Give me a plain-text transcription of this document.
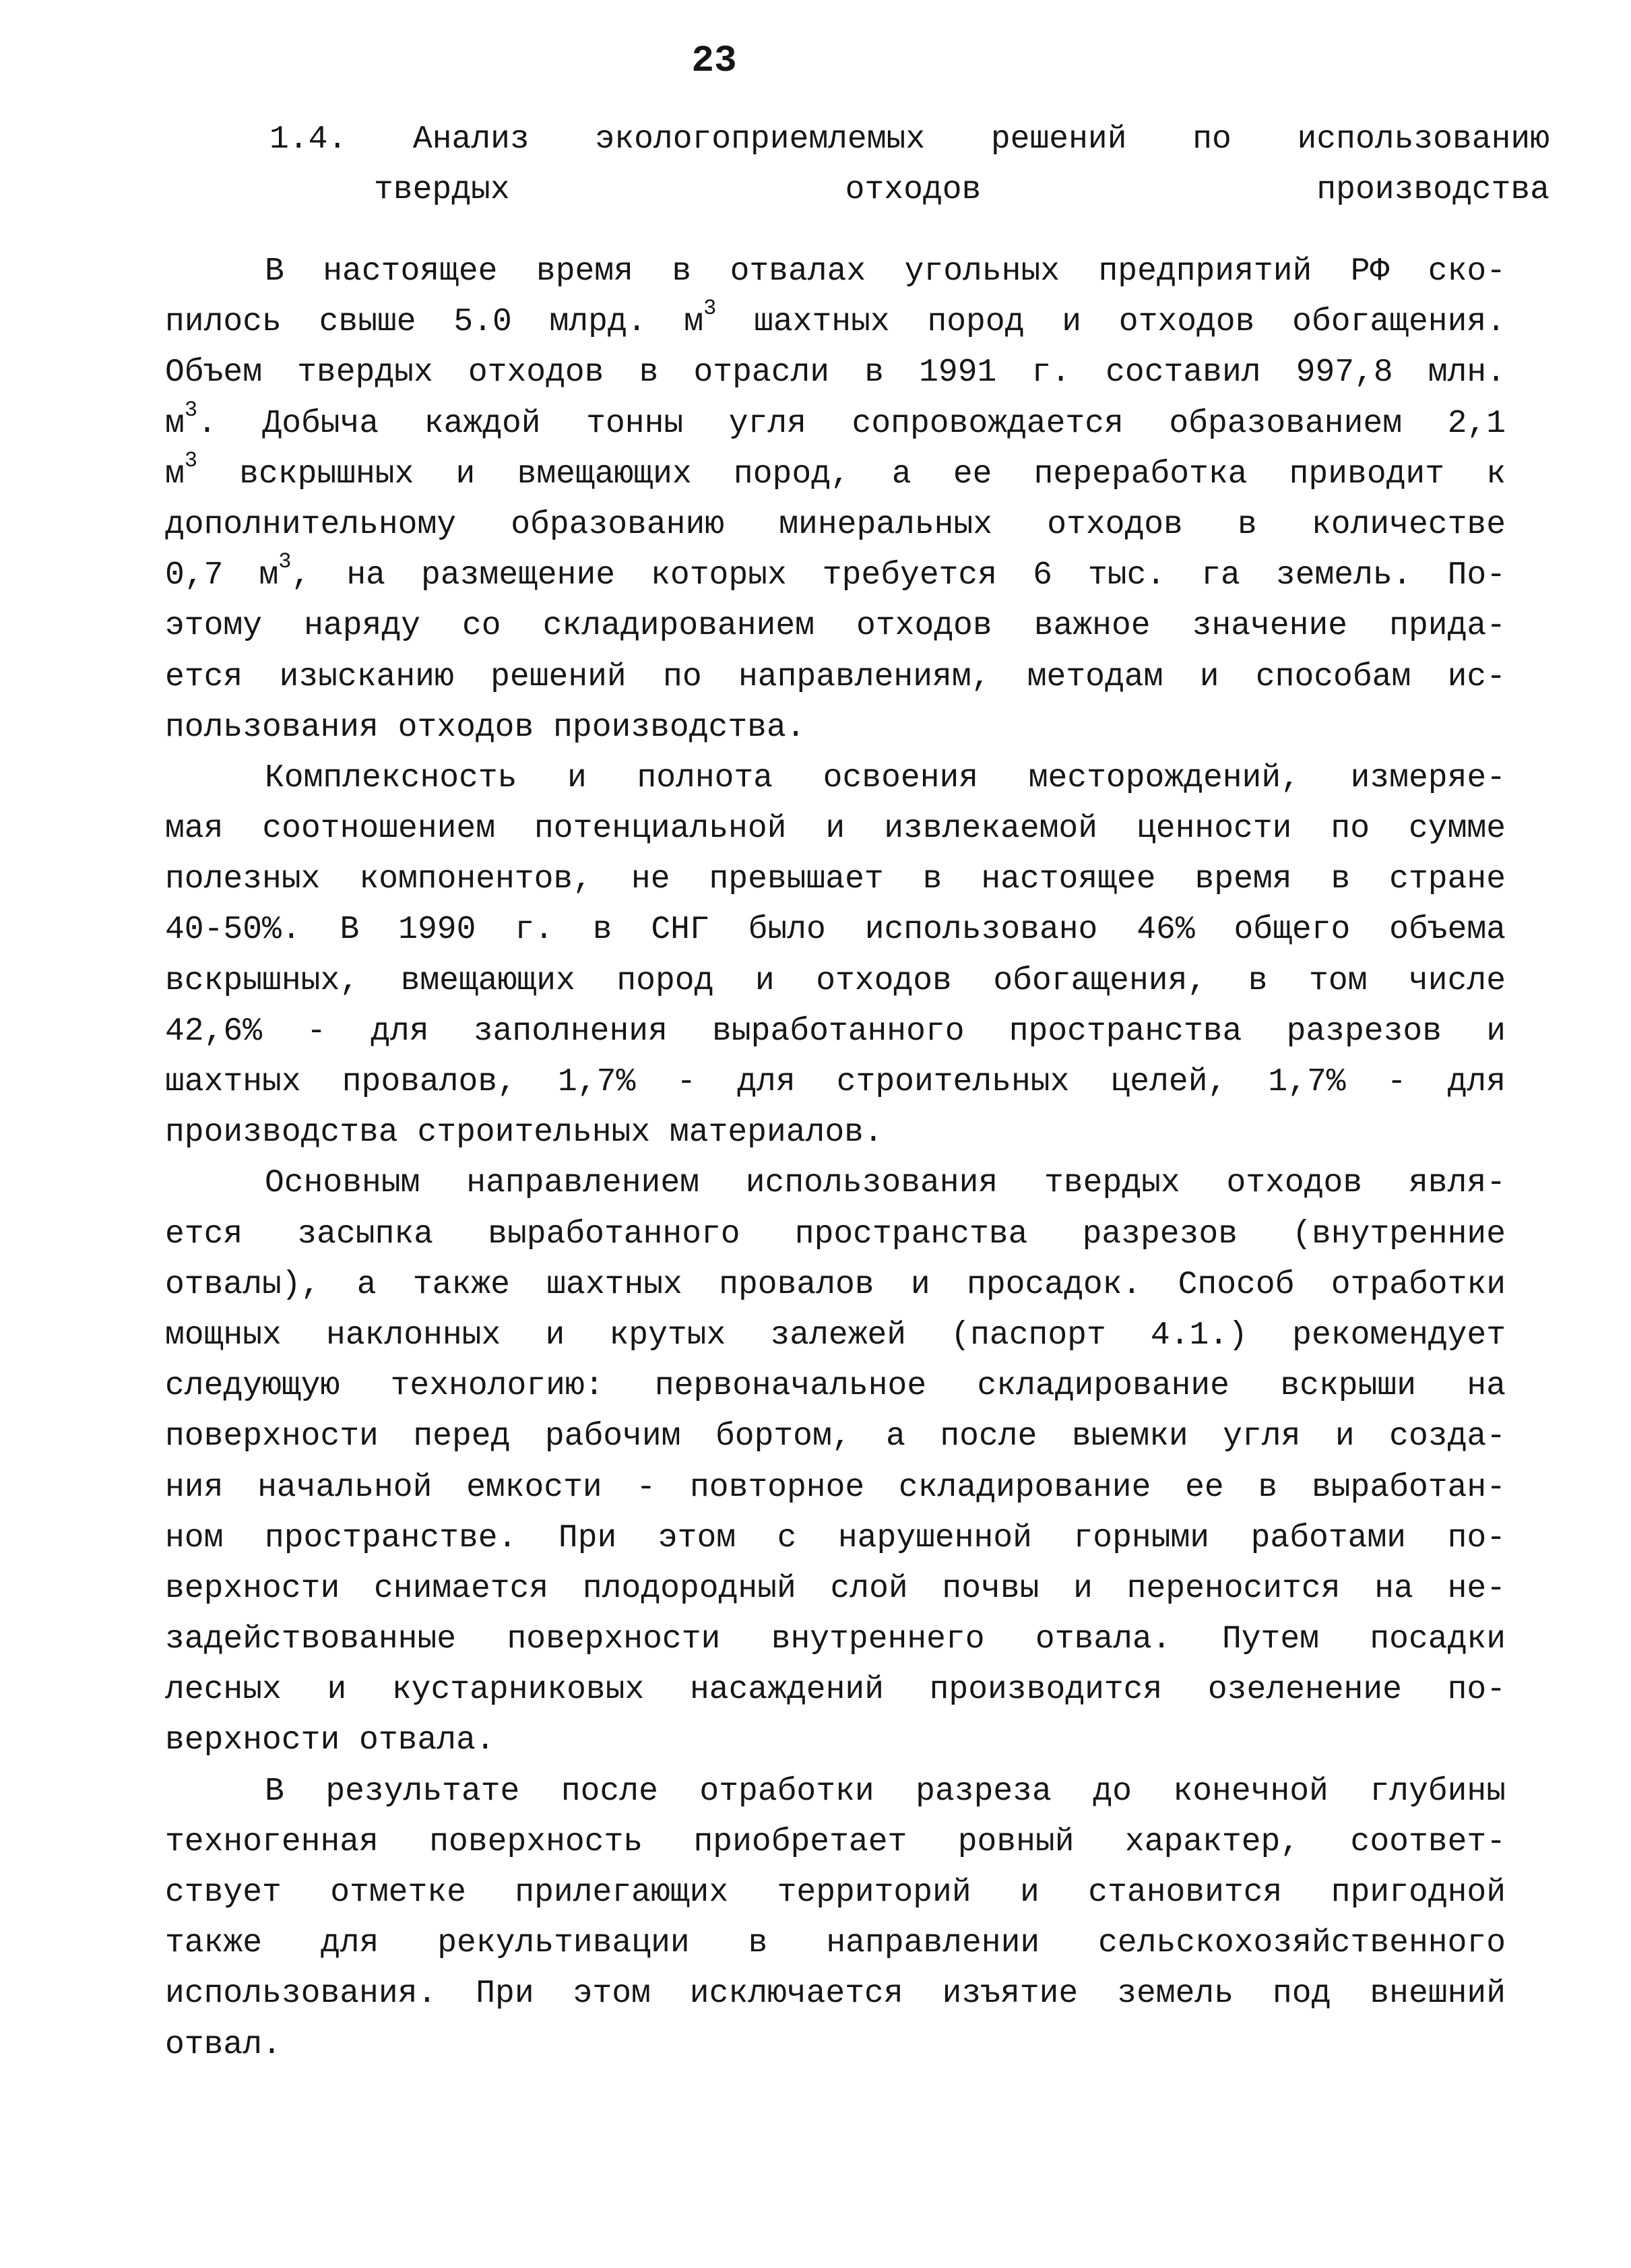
23
1.4. Анализ экологоприемлемых решений по использованию
твердых отходов производства
В настоящее время в отвалах угольных предприятий РФ ско-
пилось свыше 5.0 млрд. $м^3$ шахтных пород и отходов обогащения.
Объем твердых отходов в отрасли в 1991 г. составил 997,8 млн.
$м^3$. Добыча каждой тонны угля сопровождается образованием 2,1
$м^3$ вскрышных и вмещающих пород, а ее переработка приводит к
дополнительному образованию минеральных отходов в количестве
0,7 $м^3$, на размещение которых требуется 6 тыс. га земель. По-
этому наряду со складированием отходов важное значение прида-
ется изысканию решений по направлениям, методам и способам ис-
пользования отходов производства.
Комплексность и полнота освоения месторождений, измеряе-
мая соотношением потенциальной и извлекаемой ценности по сумме
полезных компонентов, не превышает в настоящее время в стране
40-50%. В 1990 г. в СНГ было использовано 46% общего объема
вскрышных, вмещающих пород и отходов обогащения, в том числе
42,6% - для заполнения выработанного пространства разрезов и
шахтных провалов, 1,7% - для строительных целей, 1,7% - для
производства строительных материалов.
Основным направлением использования твердых отходов явля-
ется засыпка выработанного пространства разрезов (внутренние
отвалы), а также шахтных провалов и просадок. Способ отработки
мощных наклонных и крутых залежей (паспорт 4.1.) рекомендует
следующую технологию: первоначальное складирование вскрыши на
поверхности перед рабочим бортом, а после выемки угля и созда-
ния начальной емкости - повторное складирование ее в выработан-
ном пространстве. При этом с нарушенной горными работами по-
верхности снимается плодородный слой почвы и переносится на не-
задействованные поверхности внутреннего отвала. Путем посадки
лесных и кустарниковых насаждений производится озеленение по-
верхности отвала.
В результате после отработки разреза до конечной глубины
техногенная поверхность приобретает ровный характер, соответ-
ствует отметке прилегающих территорий и становится пригодной
также для рекультивации в направлении сельскохозяйственного
использования. При этом исключается изъятие земель под внешний
отвал.
